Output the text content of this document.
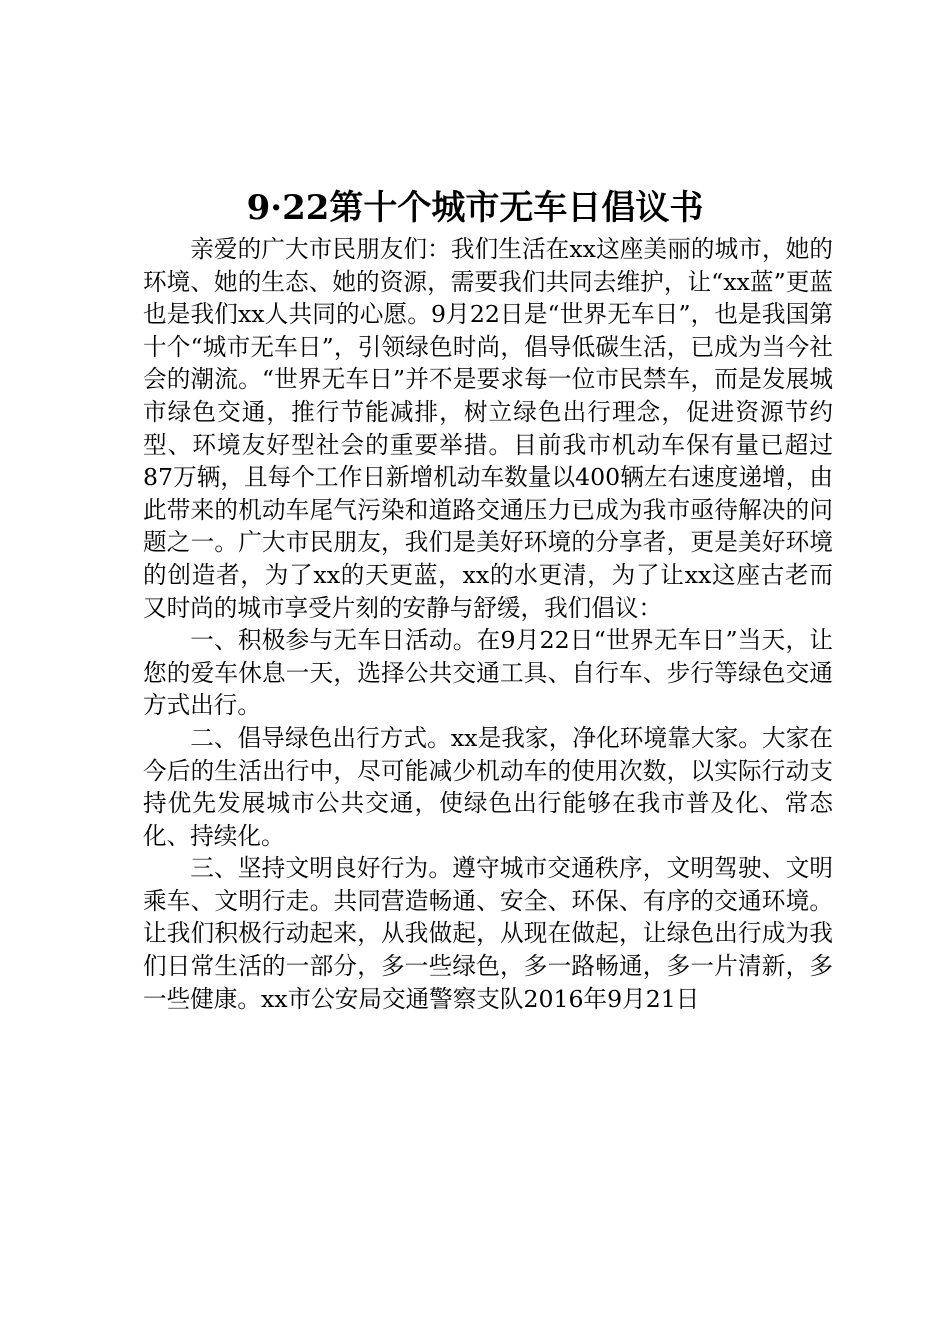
9·22第十个城市无车日倡议书

亲爱的广大市民朋友们：我们生活在xx这座美丽的城市，她的环境、她的生态、她的资源，需要我们共同去维护，让“xx蓝”更蓝也是我们xx人共同的心愿。9月22日是“世界无车日”，也是我国第十个“城市无车日”，引领绿色时尚，倡导低碳生活，已成为当今社会的潮流。“世界无车日”并不是要求每一位市民禁车，而是发展城市绿色交通，推行节能减排，树立绿色出行理念，促进资源节约型、环境友好型社会的重要举措。目前我市机动车保有量已超过87万辆，且每个工作日新增机动车数量以400辆左右速度递增，由此带来的机动车尾气污染和道路交通压力已成为我市亟待解决的问题之一。广大市民朋友，我们是美好环境的分享者，更是美好环境的创造者，为了xx的天更蓝，xx的水更清，为了让xx这座古老而又时尚的城市享受片刻的安静与舒缓，我们倡议：

一、积极参与无车日活动。在9月22日“世界无车日”当天，让您的爱车休息一天，选择公共交通工具、自行车、步行等绿色交通方式出行。

二、倡导绿色出行方式。xx是我家，净化环境靠大家。大家在今后的生活出行中，尽可能减少机动车的使用次数，以实际行动支持优先发展城市公共交通，使绿色出行能够在我市普及化、常态化、持续化。

三、坚持文明良好行为。遵守城市交通秩序，文明驾驶、文明乘车、文明行走。共同营造畅通、安全、环保、有序的交通环境。让我们积极行动起来，从我做起，从现在做起，让绿色出行成为我们日常生活的一部分，多一些绿色，多一路畅通，多一片清新，多一些健康。xx市公安局交通警察支队2016年9月21日
